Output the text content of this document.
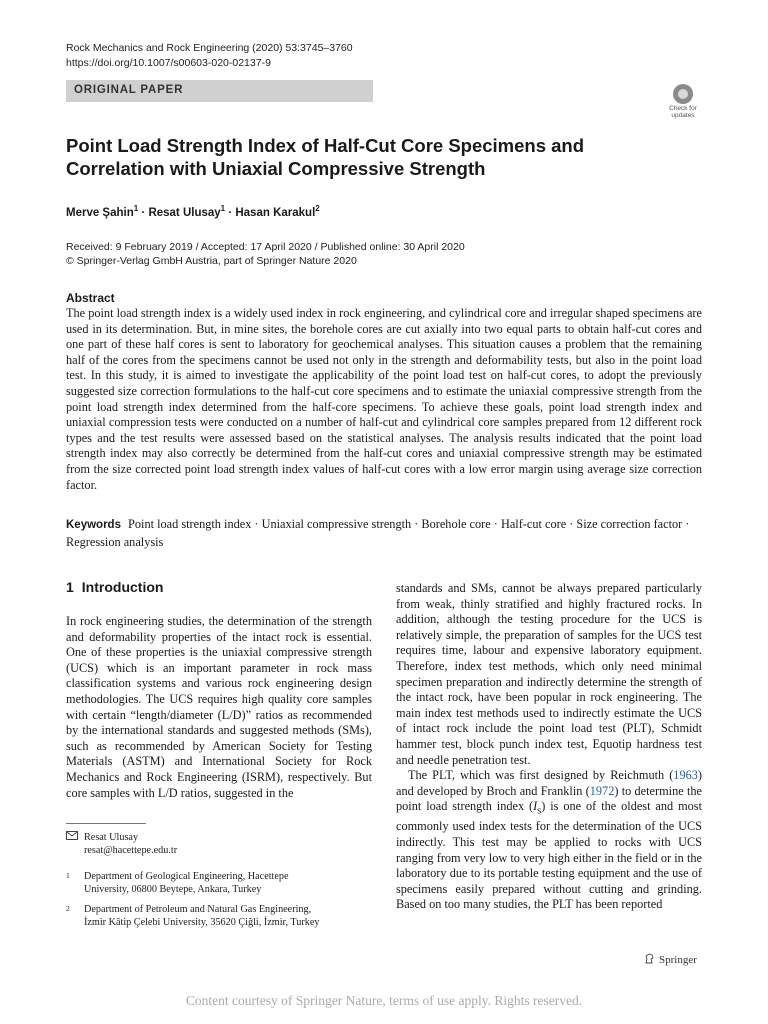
Rock Mechanics and Rock Engineering (2020) 53:3745–3760
https://doi.org/10.1007/s00603-020-02137-9
ORIGINAL PAPER
Check for
updates
Point Load Strength Index of Half-Cut Core Specimens and Correlation with Uniaxial Compressive Strength
Merve Şahin$^1$ · Resat Ulusay$^1$ · Hasan Karakul$^2$
Received: 9 February 2019 / Accepted: 17 April 2020 / Published online: 30 April 2020
© Springer-Verlag GmbH Austria, part of Springer Nature 2020
Abstract
The point load strength index is a widely used index in rock engineering, and cylindrical core and irregular shaped specimens are used in its determination. But, in mine sites, the borehole cores are cut axially into two equal parts to obtain half-cut cores and one part of these half cores is sent to laboratory for geochemical analyses. This situation causes a problem that the remaining half of the cores from the specimens cannot be used not only in the strength and deformability tests, but also in the point load test. In this study, it is aimed to investigate the applicability of the point load test on half-cut cores, to adopt the previously suggested size correction formulations to the half-cut core specimens and to estimate the uniaxial compressive strength from the point load strength index determined from the half-core specimens. To achieve these goals, point load strength index and uniaxial compression tests were conducted on a number of half-cut and cylindrical core samples prepared from 12 different rock types and the test results were assessed based on the statistical analyses. The analysis results indicated that the point load strength index may also correctly be determined from the half-cut cores and uniaxial compressive strength may be estimated from the size corrected point load strength index values of half-cut cores with a low error margin using average size correction factor.
Keywords Point load strength index · Uniaxial compressive strength · Borehole core · Half-cut core · Size correction factor · Regression analysis
1 Introduction

In rock engineering studies, the determination of the strength and deformability properties of the intact rock is essential. One of these properties is the uniaxial compressive strength (UCS) which is an important parameter in rock mass classification systems and various rock engineering design methodologies. The UCS requires high quality core samples with certain “length/diameter (L/D)” ratios as recommended by the international standards and suggested methods (SMs), such as recommended by American Society for Testing Materials (ASTM) and International Society for Rock Mechanics and Rock Engineering (ISRM), respectively. But core samples with L/D ratios, suggested in the

standards and SMs, cannot be always prepared particularly from weak, thinly stratified and highly fractured rocks. In addition, although the testing procedure for the UCS is relatively simple, the preparation of samples for the UCS test requires time, labour and expensive laboratory equipment. Therefore, index test methods, which only need minimal specimen preparation and indirectly determine the strength of the intact rock, have been popular in rock engineering. The main index test methods used to indirectly estimate the UCS of intact rock include the point load test (PLT), Schmidt hammer test, block punch index test, Equotip hardness test and needle penetration test.

The PLT, which was first designed by Reichmuth (1963) and developed by Broch and Franklin (1972) to determine the point load strength index $(I_s)$ is one of the oldest and most commonly used index tests for the determination of the UCS indirectly. This test may be applied to rocks with UCS ranging from very low to very high either in the field or in the laboratory due to its portable testing equipment and the use of specimens easily prepared without cutting and grinding. Based on too many studies, the PLT has been reported

Resat Ulusay
resat@hacettepe.edu.tr
1 Department of Geological Engineering, Hacettepe
University, 06800 Beytepe, Ankara, Turkey
2 Department of Petroleum and Natural Gas Engineering,
İzmir Kâtip Çelebi University, 35620 Çiğli, İzmir, Turkey
Springer
Content courtesy of Springer Nature, terms of use apply. Rights reserved.
